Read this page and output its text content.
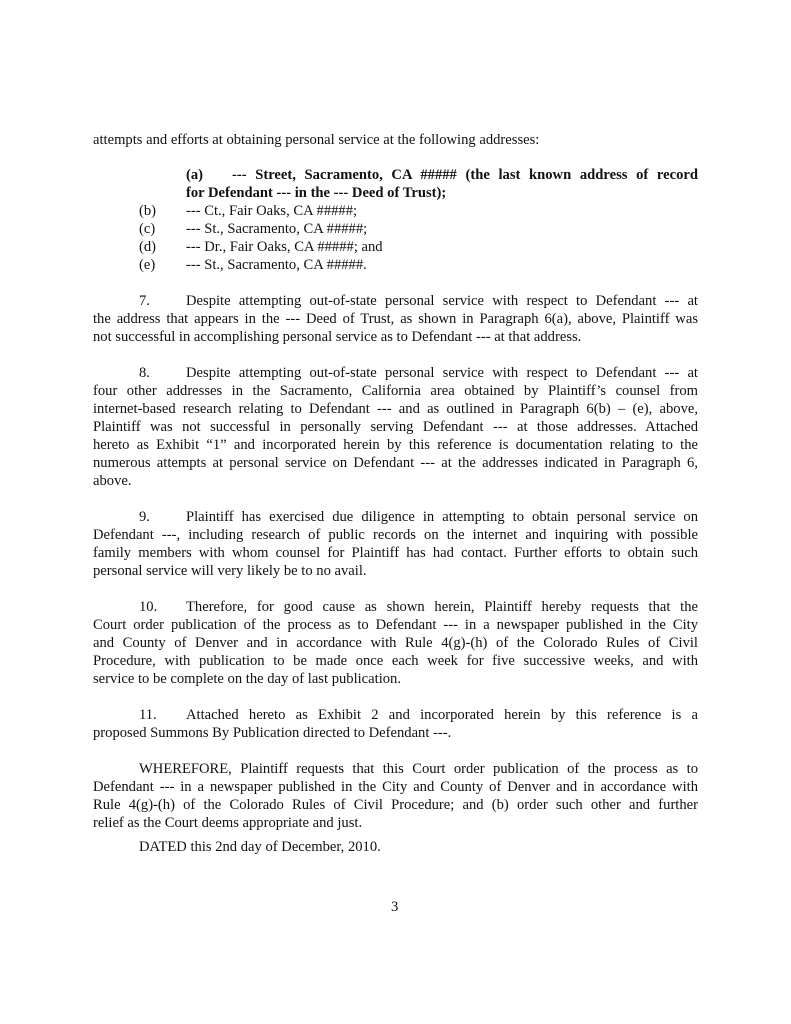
attempts and efforts at obtaining personal service at the following addresses:
(a) --- Street, Sacramento, CA ##### (the last known address of record
for Defendant --- in the --- Deed of Trust);
(b) --- Ct., Fair Oaks, CA #####;
(c) --- St., Sacramento, CA #####;
(d) --- Dr., Fair Oaks, CA #####; and
(e) --- St., Sacramento, CA #####.
7. Despite attempting out-of-state personal service with respect to Defendant --- at
the address that appears in the --- Deed of Trust, as shown in Paragraph 6(a), above, Plaintiff was
not successful in accomplishing personal service as to Defendant --- at that address.
8. Despite attempting out-of-state personal service with respect to Defendant --- at
four other addresses in the Sacramento, California area obtained by Plaintiff’s counsel from
internet-based research relating to Defendant --- and as outlined in Paragraph 6(b) – (e), above,
Plaintiff was not successful in personally serving Defendant --- at those addresses. Attached
hereto as Exhibit “1” and incorporated herein by this reference is documentation relating to the
numerous attempts at personal service on Defendant --- at the addresses indicated in Paragraph 6,
above.
9. Plaintiff has exercised due diligence in attempting to obtain personal service on
Defendant ---, including research of public records on the internet and inquiring with possible
family members with whom counsel for Plaintiff has had contact. Further efforts to obtain such
personal service will very likely be to no avail.
10. Therefore, for good cause as shown herein, Plaintiff hereby requests that the
Court order publication of the process as to Defendant --- in a newspaper published in the City
and County of Denver and in accordance with Rule 4(g)-(h) of the Colorado Rules of Civil
Procedure, with publication to be made once each week for five successive weeks, and with
service to be complete on the day of last publication.
11. Attached hereto as Exhibit 2 and incorporated herein by this reference is a
proposed Summons By Publication directed to Defendant ---.
WHEREFORE, Plaintiff requests that this Court order publication of the process as to
Defendant --- in a newspaper published in the City and County of Denver and in accordance with
Rule 4(g)-(h) of the Colorado Rules of Civil Procedure; and (b) order such other and further
relief as the Court deems appropriate and just.
DATED this 2nd day of December, 2010.
3
